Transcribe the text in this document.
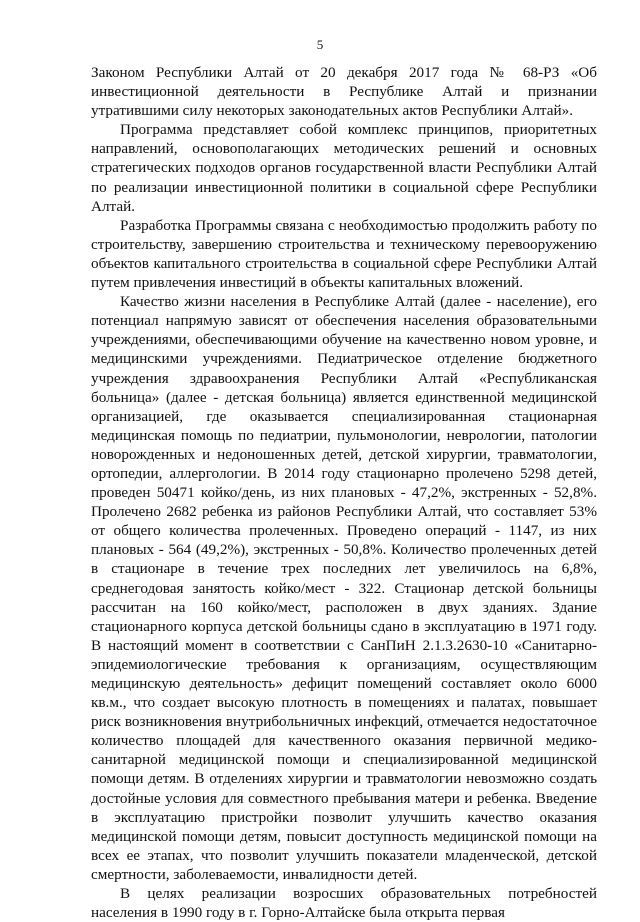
5

Законом Республики Алтай от 20 декабря 2017 года № 68-РЗ «Об инвестиционной деятельности в Республике Алтай и признании утратившими силу некоторых законодательных актов Республики Алтай».

Программа представляет собой комплекс принципов, приоритетных направлений, основополагающих методических решений и основных стратегических подходов органов государственной власти Республики Алтай по реализации инвестиционной политики в социальной сфере Республики Алтай.

Разработка Программы связана с необходимостью продолжить работу по строительству, завершению строительства и техническому перевооружению объектов капитального строительства в социальной сфере Республики Алтай путем привлечения инвестиций в объекты капитальных вложений.

Качество жизни населения в Республике Алтай (далее - население), его потенциал напрямую зависят от обеспечения населения образовательными учреждениями, обеспечивающими обучение на качественно новом уровне, и медицинскими учреждениями. Педиатрическое отделение бюджетного учреждения здравоохранения Республики Алтай «Республиканская больница» (далее - детская больница) является единственной медицинской организацией, где оказывается специализированная стационарная медицинская помощь по педиатрии, пульмонологии, неврологии, патологии новорожденных и недоношенных детей, детской хирургии, травматологии, ортопедии, аллергологии. В 2014 году стационарно пролечено 5298 детей, проведен 50471 койко/день, из них плановых - 47,2%, экстренных - 52,8%. Пролечено 2682 ребенка из районов Республики Алтай, что составляет 53% от общего количества пролеченных. Проведено операций - 1147, из них плановых - 564 (49,2%), экстренных - 50,8%. Количество пролеченных детей в стационаре в течение трех последних лет увеличилось на 6,8%, среднегодовая занятость койко/мест - 322. Стационар детской больницы рассчитан на 160 койко/мест, расположен в двух зданиях. Здание стационарного корпуса детской больницы сдано в эксплуатацию в 1971 году. В настоящий момент в соответствии с СанПиН 2.1.3.2630-10 «Санитарно-эпидемиологические требования к организациям, осуществляющим медицинскую деятельность» дефицит помещений составляет около 6000 кв.м., что создает высокую плотность в помещениях и палатах, повышает риск возникновения внутрибольничных инфекций, отмечается недостаточное количество площадей для качественного оказания первичной медико-санитарной медицинской помощи и специализированной медицинской помощи детям. В отделениях хирургии и травматологии невозможно создать достойные условия для совместного пребывания матери и ребенка. Введение в эксплуатацию пристройки позволит улучшить качество оказания медицинской помощи детям, повысит доступность медицинской помощи на всех ее этапах, что позволит улучшить показатели младенческой, детской смертности, заболеваемости, инвалидности детей.

В целях реализации возросших образовательных потребностей населения в 1990 году в г. Горно-Алтайске была открыта первая
